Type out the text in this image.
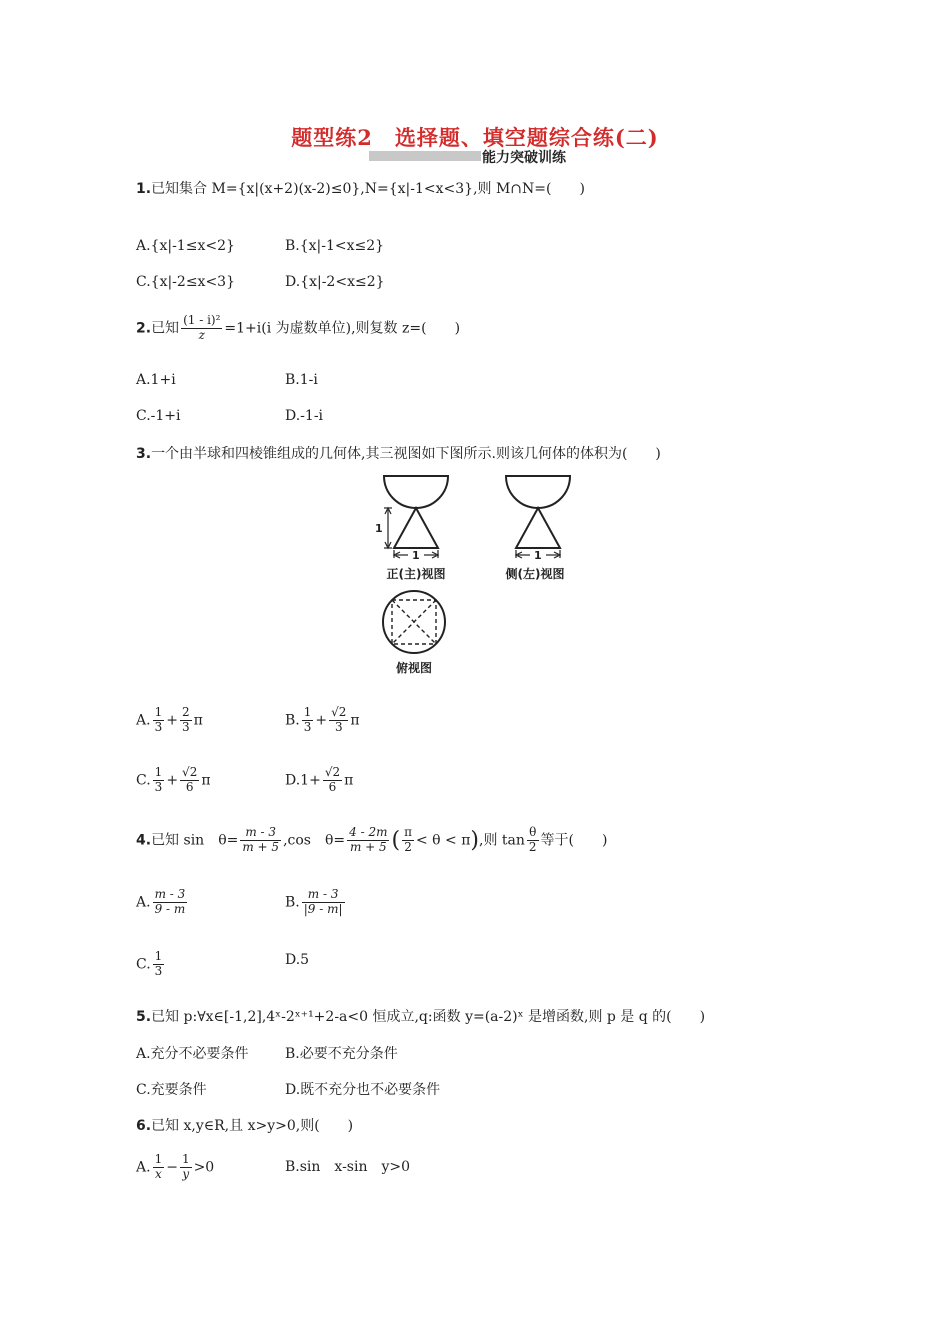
题型练2　选择题、填空题综合练(二)
能力突破训练
1.已知集合 M={x|(x+2)(x-2)≤0},N={x|-1<x<3},则 M∩N=(　　)
A.{x|-1≤x<2}	B.{x|-1<x≤2}
C.{x|-2≤x<3}	D.{x|-2<x≤2}
2.已知 $\frac{\text{(1 - i)²}}{z} =1+i(i$ 为虚数单位),则复数 z=(　　)
A.1+i	B.1-i
C.-1+i	D.-1-i
3.一个由半球和四棱锥组成的几何体,其三视图如下图所示.则该几何体的体积为(　　)
1
1	1
正(主)视图	侧(左)视图
俯视图
A. $\frac{1}{3} + \frac{2}{3}$ π	B. $\frac{1}{3} + \frac{√2}{3}$ π
C. $\frac{1}{3} + \frac{√2}{6}$ π	$D.1+ \frac{√2}{6}$ π
4.已知 sin　$\theta= \frac{m - 3}{m + 5} ,\cos$　$\theta= \frac{4 - 2m}{m + 5}$ ( $\frac{\pi}{2} < \theta < \pi$),则 $\tan \frac{\theta}{2}$ 等于(　　)
A. $\frac{m - 3}{9 - m}$	B. $\frac{m - 3}{|9 - m|}$
C. $\frac{1}{3}$	D.5
5.已知 p:∀x∈[-1,2],4ˣ-2ˣ⁺¹+2-a<0 恒成立,q:函数 y=(a-2)ˣ 是增函数,则 p 是 q 的(　　)
A.充分不必要条件	B.必要不充分条件
C.充要条件	D.既不充分也不必要条件
6.已知 x,y∈R,且 x>y>0,则(　　)
A. $\frac{1}{x} - \frac{1}{y} >0$	B.sin　x-sin　y>0
